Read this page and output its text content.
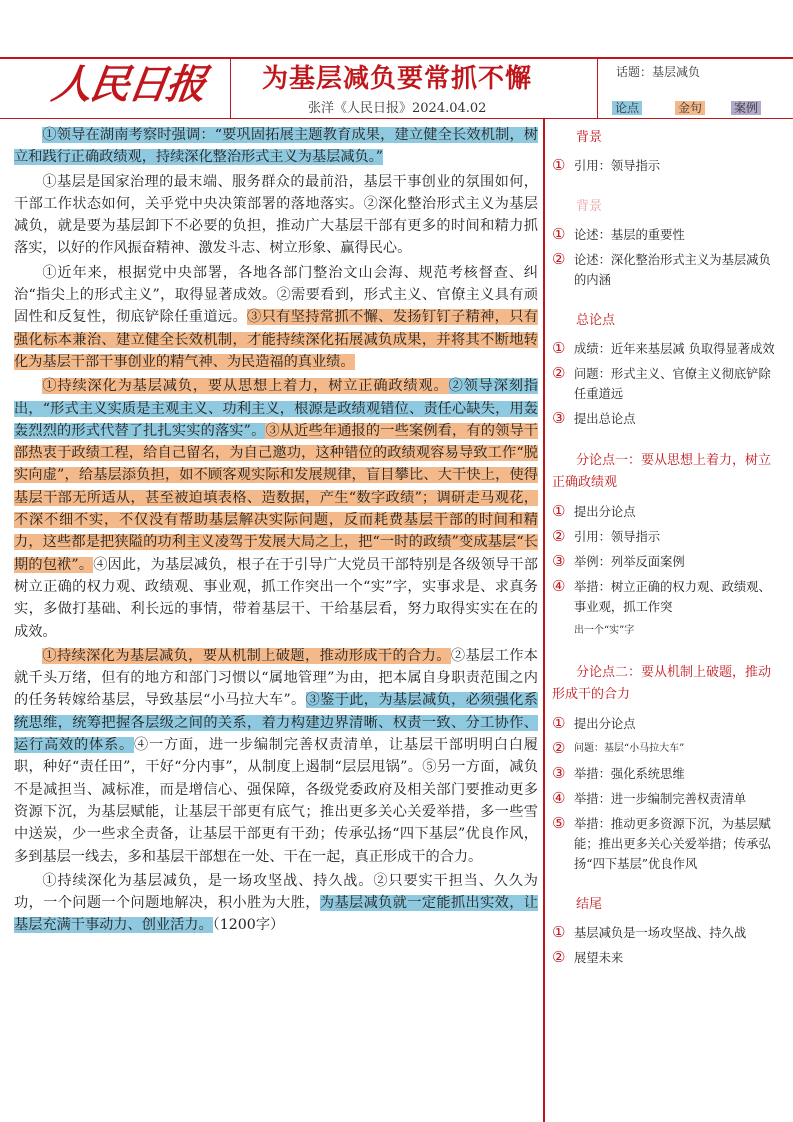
人民日报	为基层减负要常抓不懈
张洋《人民日报》2024.04.02
话题：基层减负
论点	金句	案例

①领导在湖南考察时强调：“要巩固拓展主题教育成果，建立健全长效机制，树立和践行正确政绩观，持续深化整治形式主义为基层减负。”

①基层是国家治理的最末端、服务群众的最前沿，基层干事创业的氛围如何，干部工作状态如何，关乎党中央决策部署的落地落实。②深化整治形式主义为基层减负，就是要为基层卸下不必要的负担，推动广大基层干部有更多的时间和精力抓落实，以好的作风振奋精神、激发斗志、树立形象、赢得民心。

①近年来，根据党中央部署，各地各部门整治文山会海、规范考核督查、纠治“指尖上的形式主义”，取得显著成效。②需要看到，形式主义、官僚主义具有顽固性和反复性，彻底铲除任重道远。③只有坚持常抓不懈、发扬钉钉子精神，只有强化标本兼治、建立健全长效机制，才能持续深化拓展减负成果，并将其不断地转化为基层干部干事创业的精气神、为民造福的真业绩。

①持续深化为基层减负，要从思想上着力，树立正确政绩观。②领导深刻指出，“形式主义实质是主观主义、功利主义，根源是政绩观错位、责任心缺失，用轰轰烈烈的形式代替了扎扎实实的落实”。③从近些年通报的一些案例看，有的领导干部热衷于政绩工程，给自己留名，为自己邀功，这种错位的政绩观容易导致工作“脱实向虚”，给基层添负担，如不顾客观实际和发展规律，盲目攀比、大干快上，使得基层干部无所适从，甚至被迫填表格、造数据，产生“数字政绩”；调研走马观花，不深不细不实，不仅没有帮助基层解决实际问题，反而耗费基层干部的时间和精力，这些都是把狭隘的功利主义凌驾于发展大局之上，把“一时的政绩”变成基层“长期的包袱”。④因此，为基层减负，根子在于引导广大党员干部特别是各级领导干部树立正确的权力观、政绩观、事业观，抓工作突出一个“实”字，实事求是、求真务实，多做打基础、利长远的事情，带着基层干、干给基层看，努力取得实实在在的成效。

①持续深化为基层减负，要从机制上破题，推动形成干的合力。②基层工作本就千头万绪，但有的地方和部门习惯以“属地管理”为由，把本属自身职责范围之内的任务转嫁给基层，导致基层“小马拉大车”。③鉴于此，为基层减负，必须强化系统思维，统筹把握各层级之间的关系，着力构建边界清晰、权责一致、分工协作、运行高效的体系。④一方面，进一步编制完善权责清单，让基层干部明明白白履职，种好“责任田”，干好“分内事”，从制度上遏制“层层甩锅”。⑤另一方面，减负不是减担当、减标准，而是增信心、强保障，各级党委政府及相关部门要推动更多资源下沉，为基层赋能，让基层干部更有底气；推出更多关心关爱举措，多一些雪中送炭，少一些求全责备，让基层干部更有干劲；传承弘扬“四下基层”优良作风，多到基层一线去，多和基层干部想在一处、干在一起，真正形成干的合力。

①持续深化为基层减负，是一场攻坚战、持久战。②只要实干担当、久久为功，一个问题一个问题地解决，积小胜为大胜，为基层减负就一定能抓出实效，让基层充满干事动力、创业活力。（1200字）

背景
① 引用：领导指示
背景
① 论述：基层的重要性
② 论述：深化整治形式主义为基层减负的内涵
总论点
① 成绩：近年来基层减 负取得显著成效
② 问题：形式主义、官僚主义彻底铲除任重道远
③ 提出总论点
分论点一：要从思想上着力，树立正确政绩观
① 提出分论点
② 引用：领导指示
③ 举例：列举反面案例
④ 举措：树立正确的权力观、政绩观、事业观，抓工作突
出一个“实”字
分论点二：要从机制上破题，推动形成干的合力
① 提出分论点
② 问题：基层“小马拉大车”
③ 举措：强化系统思维
④ 举措：进一步编制完善权责清单
⑤ 举措：推动更多资源下沉，为基层赋能；推出更多关心关爱举措；传承弘扬“四下基层”优良作风
结尾
① 基层减负是一场攻坚战、持久战
② 展望未来
